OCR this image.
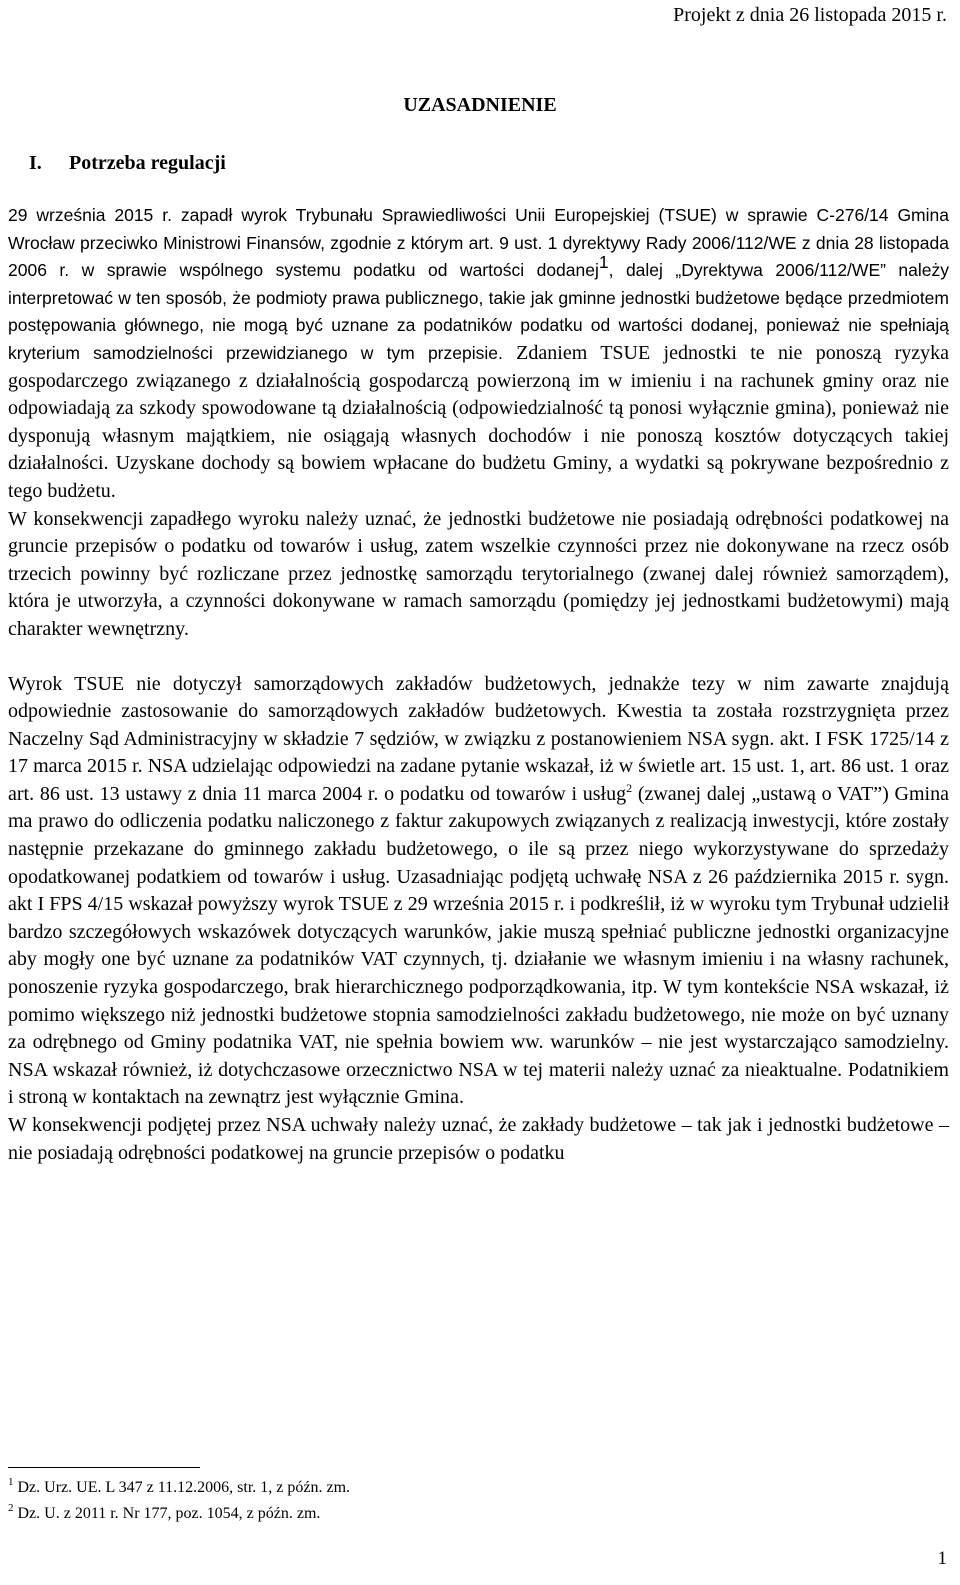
Projekt z dnia 26 listopada 2015 r.
UZASADNIENIE
I. Potrzeba regulacji

29 września 2015 r. zapadł wyrok Trybunału Sprawiedliwości Unii Europejskiej (TSUE) w sprawie C-276/14 Gmina Wrocław przeciwko Ministrowi Finansów, zgodnie z którym art. 9 ust. 1 dyrektywy Rady 2006/112/WE z dnia 28 listopada 2006 r. w sprawie wspólnego systemu podatku od wartości dodanej$^1$, dalej „Dyrektywa 2006/112/WE” należy interpretować w ten sposób, że podmioty prawa publicznego, takie jak gminne jednostki budżetowe będące przedmiotem postępowania głównego, nie mogą być uznane za podatników podatku od wartości dodanej, ponieważ nie spełniają kryterium samodzielności przewidzianego w tym przepisie. Zdaniem TSUE jednostki te nie ponoszą ryzyka gospodarczego związanego z działalnością gospodarczą powierzoną im w imieniu i na rachunek gminy oraz nie odpowiadają za szkody spowodowane tą działalnością (odpowiedzialność tą ponosi wyłącznie gmina), ponieważ nie dysponują własnym majątkiem, nie osiągają własnych dochodów i nie ponoszą kosztów dotyczących takiej działalności. Uzyskane dochody są bowiem wpłacane do budżetu Gminy, a wydatki są pokrywane bezpośrednio z tego budżetu.

W konsekwencji zapadłego wyroku należy uznać, że jednostki budżetowe nie posiadają odrębności podatkowej na gruncie przepisów o podatku od towarów i usług, zatem wszelkie czynności przez nie dokonywane na rzecz osób trzecich powinny być rozliczane przez jednostkę samorządu terytorialnego (zwanej dalej również samorządem), która je utworzyła, a czynności dokonywane w ramach samorządu (pomiędzy jej jednostkami budżetowymi) mają charakter wewnętrzny.

Wyrok TSUE nie dotyczył samorządowych zakładów budżetowych, jednakże tezy w nim zawarte znajdują odpowiednie zastosowanie do samorządowych zakładów budżetowych. Kwestia ta została rozstrzygnięta przez Naczelny Sąd Administracyjny w składzie 7 sędziów, w związku z postanowieniem NSA sygn. akt. I FSK 1725/14 z 17 marca 2015 r. NSA udzielając odpowiedzi na zadane pytanie wskazał, iż w świetle art. 15 ust. 1, art. 86 ust. 1 oraz art. 86 ust. 13 ustawy z dnia 11 marca 2004 r. o podatku od towarów i usług$^2$ (zwanej dalej „ustawą o VAT”) Gmina ma prawo do odliczenia podatku naliczonego z faktur zakupowych związanych z realizacją inwestycji, które zostały następnie przekazane do gminnego zakładu budżetowego, o ile są przez niego wykorzystywane do sprzedaży opodatkowanej podatkiem od towarów i usług. Uzasadniając podjętą uchwałę NSA z 26 października 2015 r. sygn. akt I FPS 4/15 wskazał powyższy wyrok TSUE z 29 września 2015 r. i podkreślił, iż w wyroku tym Trybunał udzielił bardzo szczegółowych wskazówek dotyczących warunków, jakie muszą spełniać publiczne jednostki organizacyjne aby mogły one być uznane za podatników VAT czynnych, tj. działanie we własnym imieniu i na własny rachunek, ponoszenie ryzyka gospodarczego, brak hierarchicznego podporządkowania, itp. W tym kontekście NSA wskazał, iż pomimo większego niż jednostki budżetowe stopnia samodzielności zakładu budżetowego, nie może on być uznany za odrębnego od Gminy podatnika VAT, nie spełnia bowiem ww. warunków – nie jest wystarczająco samodzielny. NSA wskazał również, iż dotychczasowe orzecznictwo NSA w tej materii należy uznać za nieaktualne. Podatnikiem i stroną w kontaktach na zewnątrz jest wyłącznie Gmina.

W konsekwencji podjętej przez NSA uchwały należy uznać, że zakłady budżetowe – tak jak i jednostki budżetowe – nie posiadają odrębności podatkowej na gruncie przepisów o podatku

$^1$ Dz. Urz. UE. L 347 z 11.12.2006, str. 1, z późn. zm.
$^2$ Dz. U. z 2011 r. Nr 177, poz. 1054, z późn. zm.
1
